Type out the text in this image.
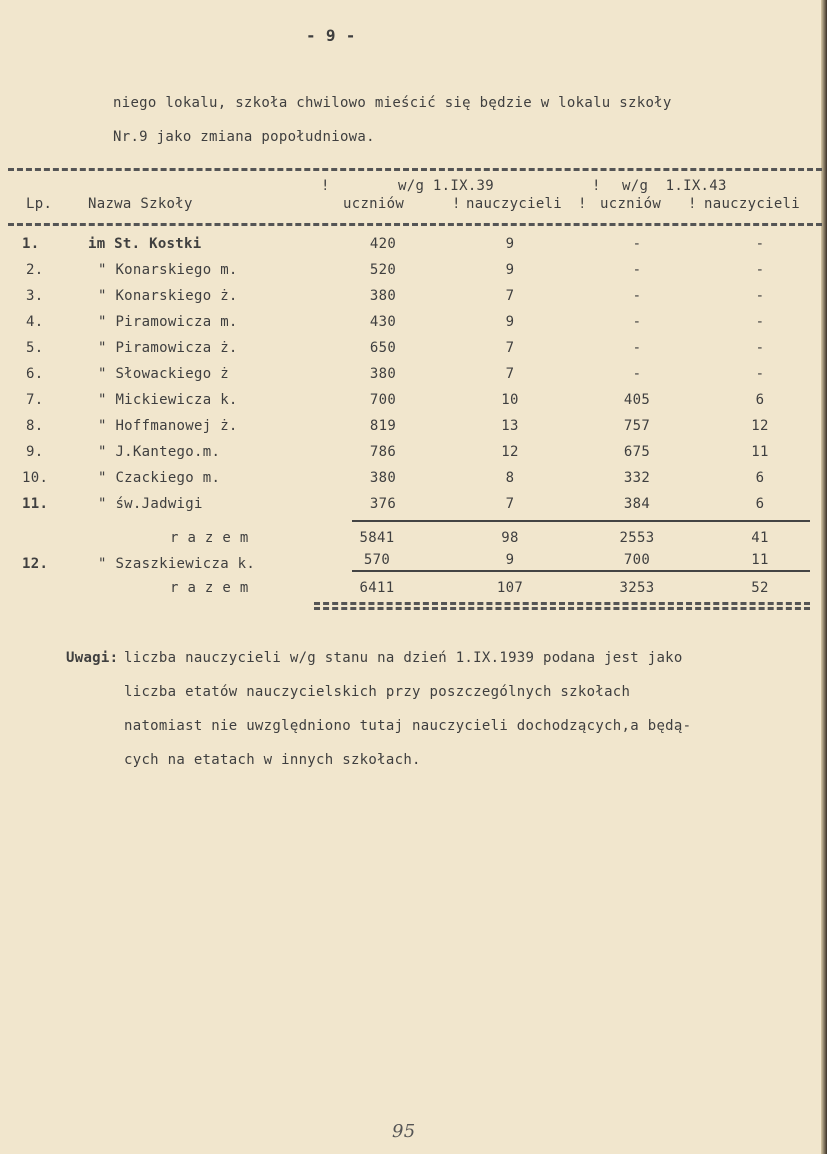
- 9 -
niego lokalu, szkoła chwilowo mieścić się będzie w lokalu szkoły
Nr.9 jako zmiana popołudniowa.
!	w/g 1.IX.39	! w/g  1.IX.43
Lp.	Nazwa Szkoły	uczniów	! nauczycieli ! uczniów ! nauczycieli
1.	im St. Kostki	420	9	-	-
2.	" Konarskiego m.	520	9	-	-
3.	" Konarskiego ż.	380	7	-	-
4.	" Piramowicza m.	430	9	-	-
5.	" Piramowicza ż.	650	7	-	-
6.	" Słowackiego ż	380	7	-	-
7.	" Mickiewicza k.	700	10	405	6
8.	" Hoffmanowej ż.	819	13	757	12
9.	" J.Kantego.m.	786	12	675	11
10.	" Czackiego m.	380	8	332	6
11.	" św.Jadwigi	376	7	384	6
r a z e m	5841	98	2553	41
12.	" Szaszkiewicza k.	570	9	700	11
r a z e m	6411	107	3253	52
Uwagi: liczba nauczycieli w/g stanu na dzień 1.IX.1939 podana jest jako
liczba etatów nauczycielskich przy poszczególnych szkołach
natomiast nie uwzględniono tutaj nauczycieli dochodzących,a będą-
cych na etatach w innych szkołach.
95
